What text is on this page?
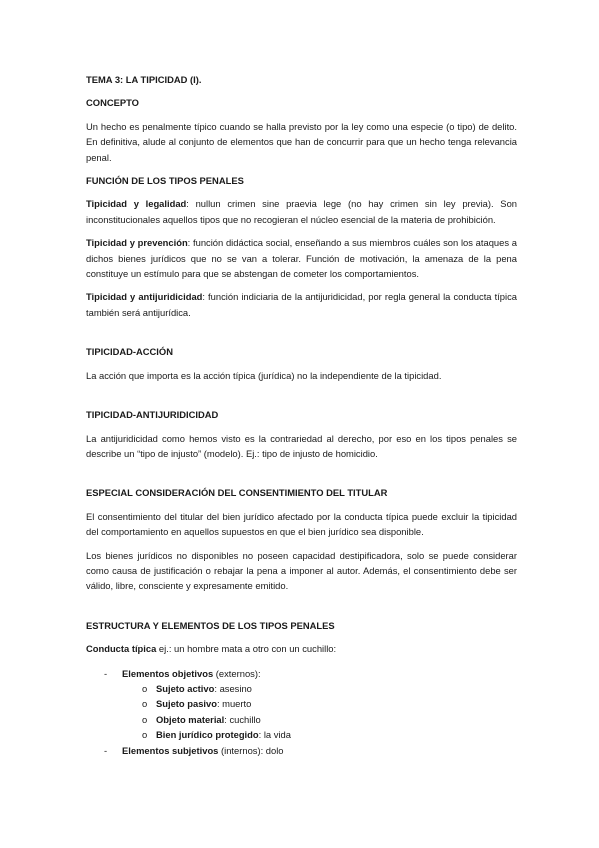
TEMA 3: LA TIPICIDAD (I).

CONCEPTO

Un hecho es penalmente típico cuando se halla previsto por la ley como una especie (o tipo) de delito. En definitiva, alude al conjunto de elementos que han de concurrir para que un hecho tenga relevancia penal.

FUNCIÓN DE LOS TIPOS PENALES

Tipicidad y legalidad: nullun crimen sine praevia lege (no hay crimen sin ley previa). Son inconstitucionales aquellos tipos que no recogieran el núcleo esencial de la materia de prohibición.

Tipicidad y prevención: función didáctica social, enseñando a sus miembros cuáles son los ataques a dichos bienes jurídicos que no se van a tolerar. Función de motivación, la amenaza de la pena constituye un estímulo para que se abstengan de cometer los comportamientos.

Tipicidad y antijuridicidad: función indiciaria de la antijuridicidad, por regla general la conducta típica también será antijurídica.

TIPICIDAD-ACCIÓN

La acción que importa es la acción típica (jurídica) no la independiente de la tipicidad.

TIPICIDAD-ANTIJURIDICIDAD

La antijuridicidad como hemos visto es la contrariedad al derecho, por eso en los tipos penales se describe un “tipo de injusto” (modelo). Ej.: tipo de injusto de homicidio.

ESPECIAL CONSIDERACIÓN DEL CONSENTIMIENTO DEL TITULAR

El consentimiento del titular del bien jurídico afectado por la conducta típica puede excluir la tipicidad del comportamiento en aquellos supuestos en que el bien jurídico sea disponible.

Los bienes jurídicos no disponibles no poseen capacidad destipificadora, solo se puede considerar como causa de justificación o rebajar la pena a imponer al autor. Además, el consentimiento debe ser válido, libre, consciente y expresamente emitido.

ESTRUCTURA Y ELEMENTOS DE LOS TIPOS PENALES

Conducta típica ej.: un hombre mata a otro con un cuchillo:

- Elementos objetivos (externos):
o Sujeto activo: asesino
o Sujeto pasivo: muerto
o Objeto material: cuchillo
o Bien jurídico protegido: la vida
- Elementos subjetivos (internos): dolo
